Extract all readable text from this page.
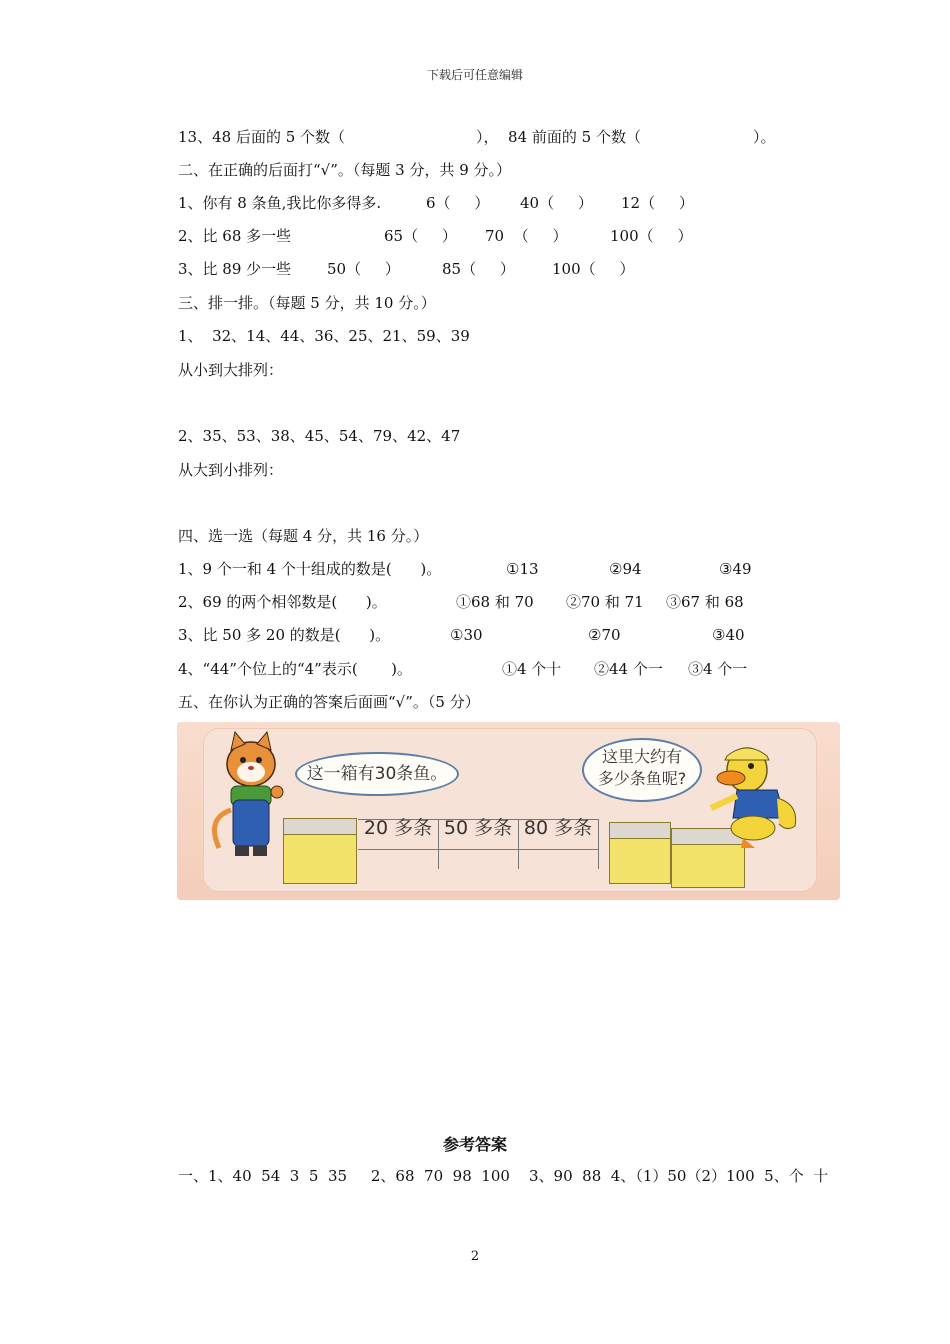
下载后可任意编辑
13、48 后面的 5 个数（	），  84 前面的 5 个数（	）。
二、在正确的后面打“√”。（每题 3 分，共 9 分。）
1、你有 8 条鱼,我比你多得多.	6（     ） 40（     ） 12（     ）
2、比 68 多一些	65（     ） 70  （     ）	100（     ）
3、比 89 少一些 50（     ）	85（     ） 100（     ）
三、排一排。（每题 5 分，共 10 分。）
1、  32、14、44、36、25、21、59、39
从小到大排列：
2、35、53、38、45、54、79、42、47
从大到小排列：
四、选一选（每题 4 分，共 16 分。）
1、9 个一和 4 个十组成的数是(      )。	①13	②94	③49
2、69 的两个相邻数是(      )。	①68 和 70 ②70 和 71 ③67 和 68
3、比 50 多 20 的数是(      )。	①30	②70	③40
4、“44”个位上的“4”表示(       )。	①4 个十 ②44 个一 ③4 个一
五、在你认为正确的答案后面画“√”。（5 分）
这一箱有30条鱼。
20 多条 50 多条 80 多条
这里大约有
多少条鱼呢?
参考答案
一、1、40  54  3  5  35     2、68  70  98  100    3、90  88  4、（1）50（2）100  5、个  十
2
